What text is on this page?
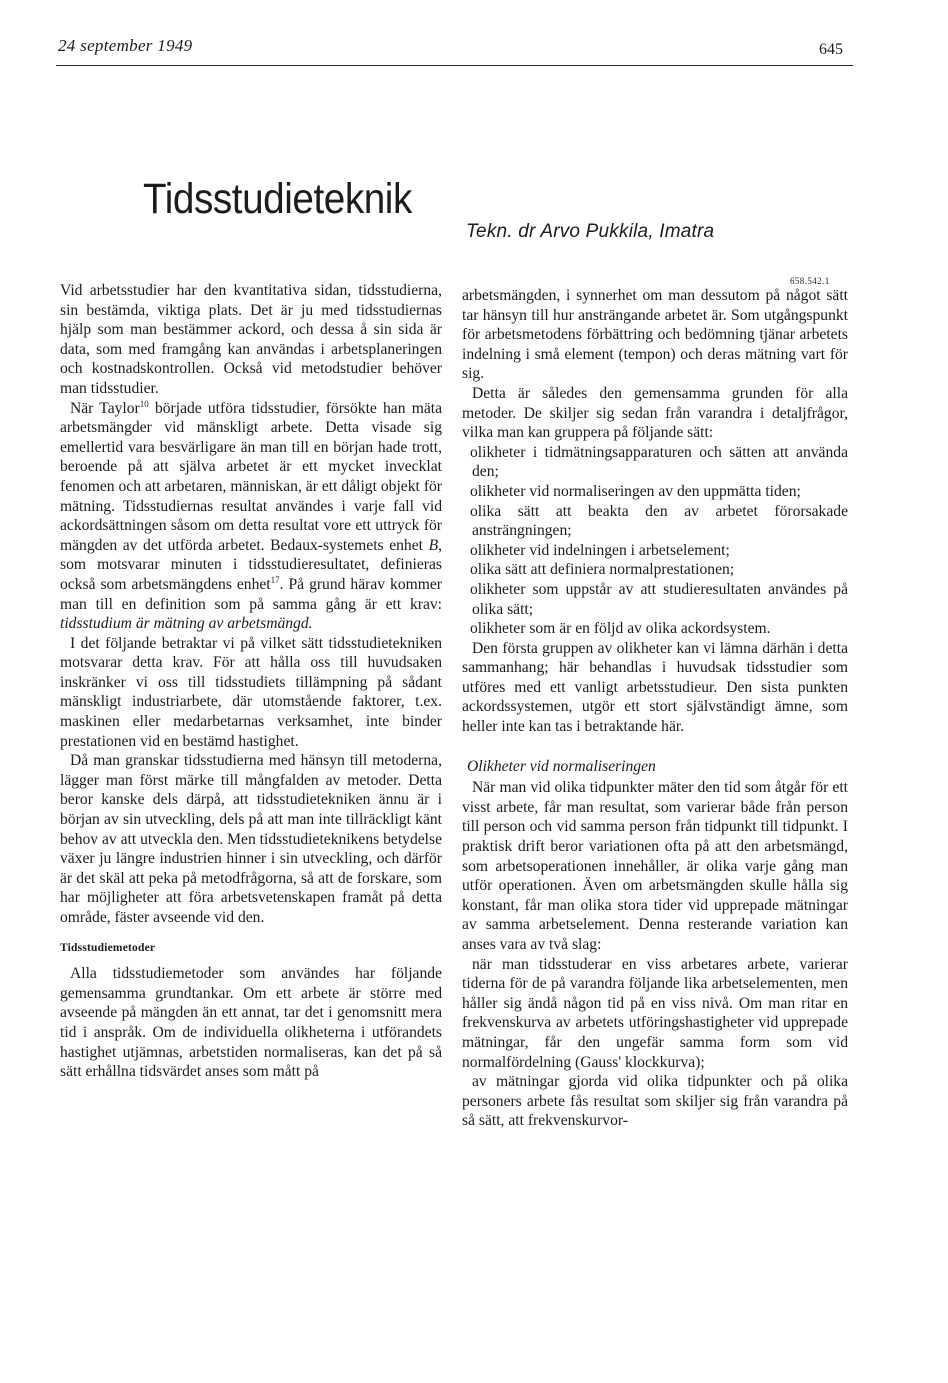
24 september 1949	645
Tidsstudieteknik
Tekn. dr Arvo Pukkila, Imatra
658.542.1

Vid arbetsstudier har den kvantitativa sidan, tidsstudierna, sin bestämda, viktiga plats. Det är ju med tidsstudiernas hjälp som man bestämmer ackord, och dessa å sin sida är data, som med framgång kan användas i arbetsplaneringen och kostnadskontrollen. Också vid metodstudier behöver man tidsstudier.

När Taylor$^{10}$ började utföra tidsstudier, försökte han mäta arbetsmängder vid mänskligt arbete. Detta visade sig emellertid vara besvärligare än man till en början hade trott, beroende på att själva arbetet är ett mycket invecklat fenomen och att arbetaren, människan, är ett dåligt objekt för mätning. Tidsstudiernas resultat användes i varje fall vid ackordsättningen såsom om detta resultat vore ett uttryck för mängden av det utförda arbetet. Bedaux-systemets enhet B, som motsvarar minuten i tidsstudieresultatet, definieras också som arbetsmängdens enhet$^{17}$. På grund härav kommer man till en definition som på samma gång är ett krav: tidsstudium är mätning av arbetsmängd.

I det följande betraktar vi på vilket sätt tidsstudietekniken motsvarar detta krav. För att hålla oss till huvudsaken inskränker vi oss till tidsstudiets tillämpning på sådant mänskligt industriarbete, där utomstående faktorer, t.ex. maskinen eller medarbetarnas verksamhet, inte binder prestationen vid en bestämd hastighet.

Då man granskar tidsstudierna med hänsyn till metoderna, lägger man först märke till mångfalden av metoder. Detta beror kanske dels därpå, att tidsstudietekniken ännu är i början av sin utveckling, dels på att man inte tillräckligt känt behov av att utveckla den. Men tidsstudieteknikens betydelse växer ju längre industrien hinner i sin utveckling, och därför är det skäl att peka på metodfrågorna, så att de forskare, som har möjligheter att föra arbetsvetenskapen framåt på detta område, fäster avseende vid den.

Tidsstudiemetoder

Alla tidsstudiemetoder som användes har följande gemensamma grundtankar. Om ett arbete är större med avseende på mängden än ett annat, tar det i genomsnitt mera tid i anspråk. Om de individuella olikheterna i utförandets hastighet utjämnas, arbetstiden normaliseras, kan det på så sätt erhållna tidsvärdet anses som mått på

arbetsmängden, i synnerhet om man dessutom på något sätt tar hänsyn till hur ansträngande arbetet är. Som utgångspunkt för arbetsmetodens förbättring och bedömning tjänar arbetets indelning i små element (tempon) och deras mätning vart för sig.

Detta är således den gemensamma grunden för alla metoder. De skiljer sig sedan från varandra i detaljfrågor, vilka man kan gruppera på följande sätt:

olikheter i tidmätningsapparaturen och sätten att använda den;

olikheter vid normaliseringen av den uppmätta tiden;

olika sätt att beakta den av arbetet förorsakade ansträngningen;

olikheter vid indelningen i arbetselement;

olika sätt att definiera normalprestationen;

olikheter som uppstår av att studieresultaten användes på olika sätt;

olikheter som är en följd av olika ackordsystem.

Den första gruppen av olikheter kan vi lämna därhän i detta sammanhang; här behandlas i huvudsak tidsstudier som utföres med ett vanligt arbetsstudieur. Den sista punkten ackordssystemen, utgör ett stort självständigt ämne, som heller inte kan tas i betraktande här.

Olikheter vid normaliseringen

När man vid olika tidpunkter mäter den tid som åtgår för ett visst arbete, får man resultat, som varierar både från person till person och vid samma person från tidpunkt till tidpunkt. I praktisk drift beror variationen ofta på att den arbetsmängd, som arbetsoperationen innehåller, är olika varje gång man utför operationen. Även om arbetsmängden skulle hålla sig konstant, får man olika stora tider vid upprepade mätningar av samma arbetselement. Denna resterande variation kan anses vara av två slag:

när man tidsstuderar en viss arbetares arbete, varierar tiderna för de på varandra följande lika arbetselementen, men håller sig ändå någon tid på en viss nivå. Om man ritar en frekvenskurva av arbetets utföringshastigheter vid upprepade mätningar, får den ungefär samma form som vid normalfördelning (Gauss' klockkurva);

av mätningar gjorda vid olika tidpunkter och på olika personers arbete fås resultat som skiljer sig från varandra på så sätt, att frekvenskurvor-
